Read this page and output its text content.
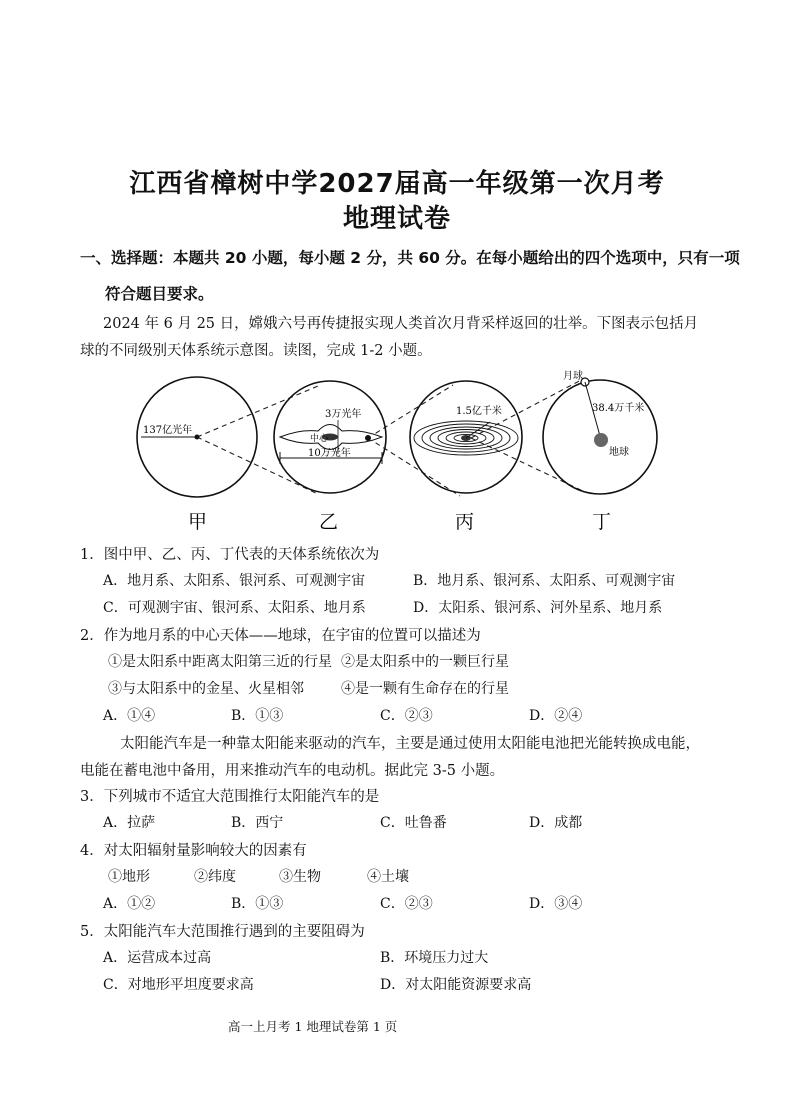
江西省樟树中学2027届高一年级第一次月考
地理试卷
一、选择题：本题共 20 小题，每小题 2 分，共 60 分。在每小题给出的四个选项中，只有一项
符合题目要求。
2024 年 6 月 25 日，嫦娥六号再传捷报实现人类首次月背采样返回的壮举。下图表示包括月
球的不同级别天体系统示意图。读图，完成 1-2 小题。
137亿光年
甲
3万光年
中心
10万光年
乙
1.5亿千米
丙
月球
38.4万千米
地球
丁
1．图中甲、乙、丙、丁代表的天体系统依次为
A．地月系、太阳系、银河系、可观测宇宙	B．地月系、银河系、太阳系、可观测宇宙
C．可观测宇宙、银河系、太阳系、地月系	D．太阳系、银河系、河外星系、地月系
2．作为地月系的中心天体——地球，在宇宙的位置可以描述为
①是太阳系中距离太阳第三近的行星 ②是太阳系中的一颗巨行星
③与太阳系中的金星、火星相邻	④是一颗有生命存在的行星
A．①④	B．①③	C．②③	D．②④
太阳能汽车是一种靠太阳能来驱动的汽车，主要是通过使用太阳能电池把光能转换成电能，
电能在蓄电池中备用，用来推动汽车的电动机。据此完 3-5 小题。
3．下列城市不适宜大范围推行太阳能汽车的是
A．拉萨	B．西宁	C．吐鲁番	D．成都
4．对太阳辐射量影响较大的因素有
①地形	②纬度	③生物	④土壤
A．①②	B．①③	C．②③	D．③④
5．太阳能汽车大范围推行遇到的主要阻碍为
A．运营成本过高	B．环境压力过大
C．对地形平坦度要求高	D．对太阳能资源要求高
高一上月考 1 地理试卷第 1 页
